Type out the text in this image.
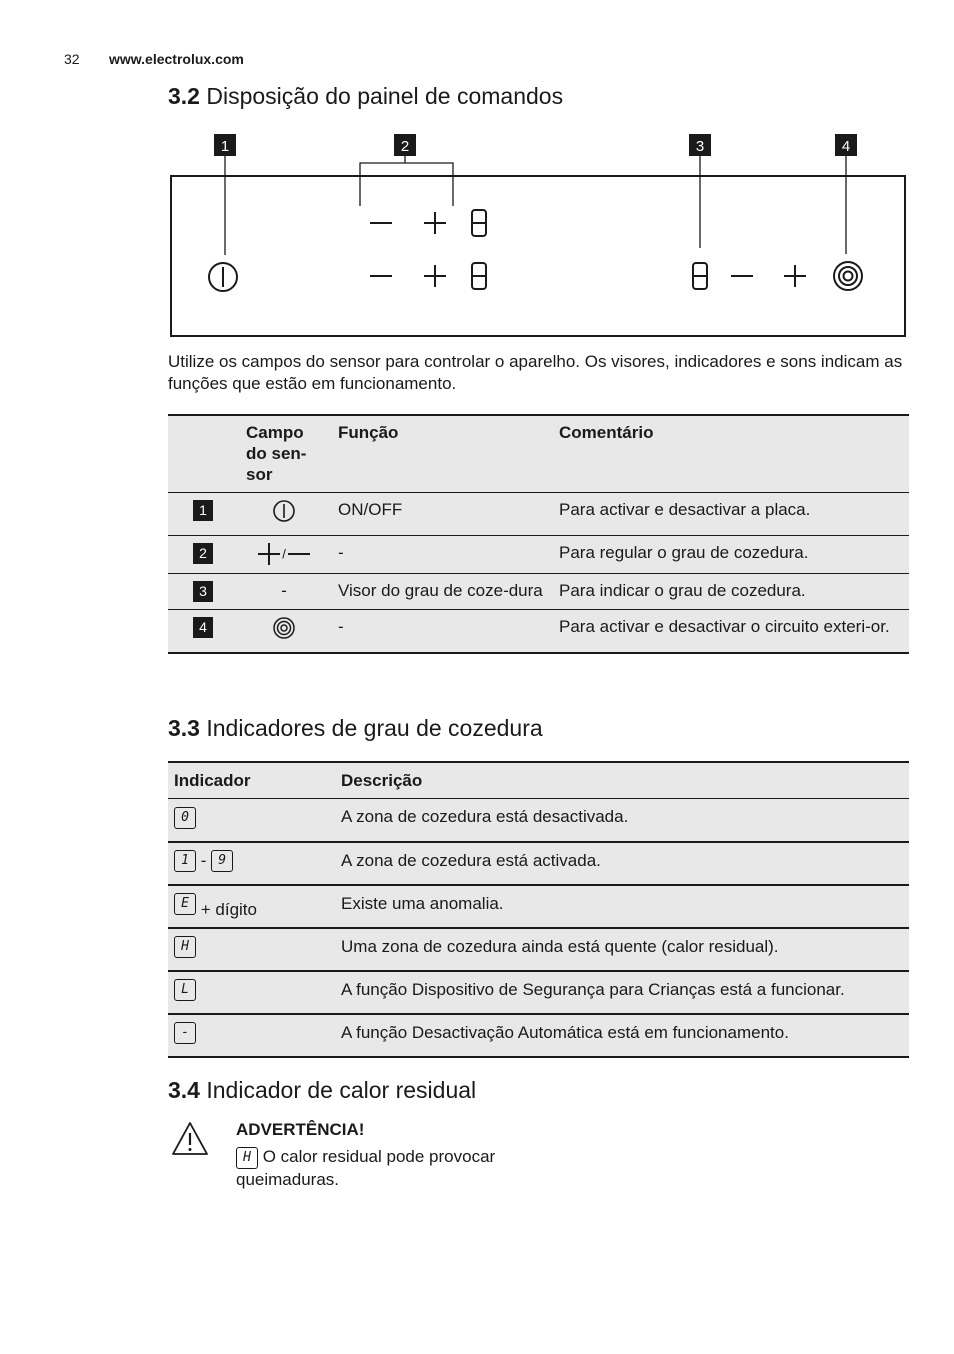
32 www.electrolux.com
3.2 Disposição do painel de comandos
1	2	3	4
Utilize os campos do sensor para controlar o aparelho. Os visores, indicadores e sons indicam as funções que estão em funcionamento.
	Campo do sen-sor	Função	Comentário
1		ON/OFF	Para activar e desactivar a placa.
2	/	-	Para regular o grau de cozedura.
3	-	Visor do grau de coze-dura	Para indicar o grau de cozedura.
4		-	Para activar e desactivar o circuito exteri-or.
3.3 Indicadores de grau de cozedura
Indicador	Descrição
0	A zona de cozedura está desactivada.
1 - 9	A zona de cozedura está activada.
E + dígito	Existe uma anomalia.
H	Uma zona de cozedura ainda está quente (calor residual).
L	A função Dispositivo de Segurança para Crianças está a funcionar.
-	A função Desactivação Automática está em funcionamento.
3.4 Indicador de calor residual
ADVERTÊNCIA!
H O calor residual pode provocar queimaduras.
